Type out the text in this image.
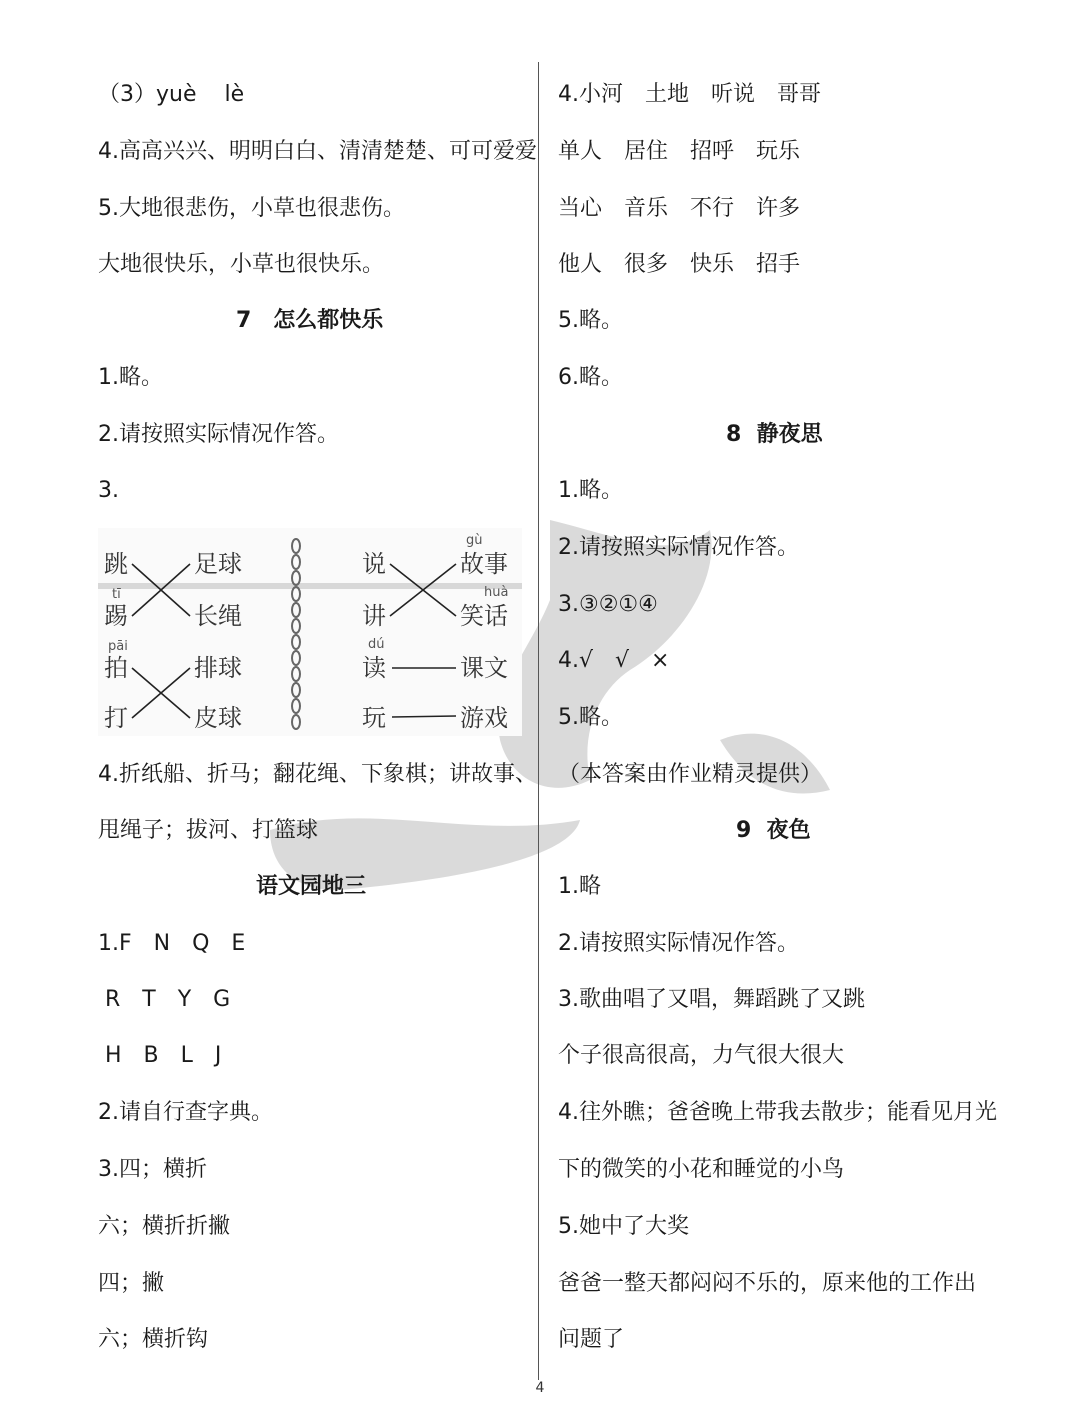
（3）yuè    lè
4.高高兴兴、明明白白、清清楚楚、可可爱爱
5.大地很悲伤，小草也很悲伤。
大地很快乐，小草也很快乐。
7　怎么都快乐
1.略。
2.请按照实际情况作答。
3.
4.折纸船、折马；翻花绳、下象棋；讲故事、
甩绳子；拔河、打篮球
语文园地三
1.F　N　Q　E
R　T　Y　G
H　B　L　J
2.请自行查字典。
3.四；横折
六；横折折撇
四；撇
六；横折钩
跳
tī
踢
pāi
拍
打
足球
长绳
排球
皮球
gù
huà
dú
说
讲
读
玩
故事
笑话
课文
游戏
4.小河　土地　听说　哥哥
单人　居住　招呼　玩乐
当心　音乐　不行　许多
他人　很多　快乐　招手
5.略。
6.略。
8  静夜思
1.略。
2.请按照实际情况作答。
3.③②①④
4.√　√　×
5.略。
（本答案由作业精灵提供）
9  夜色
1.略
2.请按照实际情况作答。
3.歌曲唱了又唱，舞蹈跳了又跳
个子很高很高，力气很大很大
4.往外瞧；爸爸晚上带我去散步；能看见月光
下的微笑的小花和睡觉的小鸟
5.她中了大奖
爸爸一整天都闷闷不乐的，原来他的工作出
问题了
4
